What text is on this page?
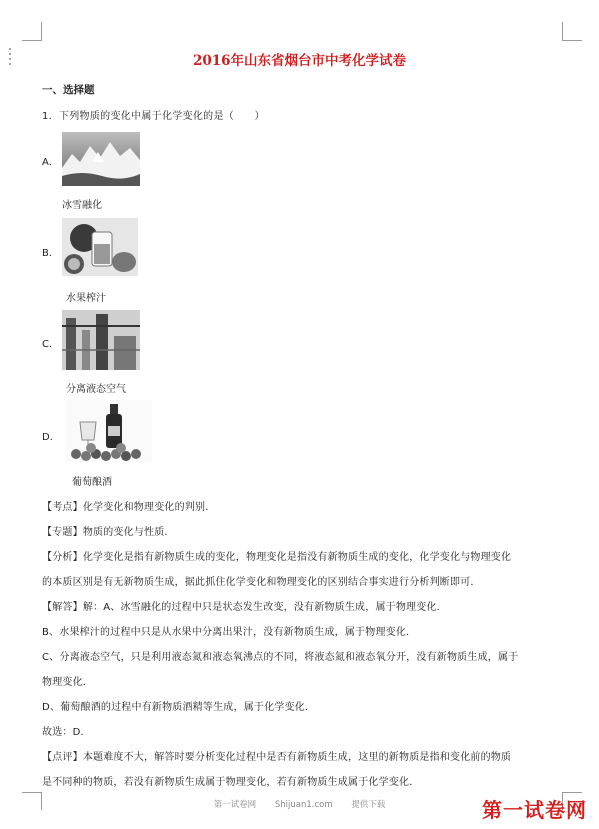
2016年山东省烟台市中考化学试卷
一、选择题
1．下列物质的变化中属于化学变化的是（　　）
A．
冰雪融化
B．
水果榨汁
C．
分离液态空气
D．
葡萄酿酒
【考点】化学变化和物理变化的判别．
【专题】物质的变化与性质．
【分析】化学变化是指有新物质生成的变化，物理变化是指没有新物质生成的变化，化学变化与物理变化
的本质区别是有无新物质生成，据此抓住化学变化和物理变化的区别结合事实进行分析判断即可．
【解答】解：A、冰雪融化的过程中只是状态发生改变，没有新物质生成，属于物理变化．
B、水果榨汁的过程中只是从水果中分离出果汁，没有新物质生成，属于物理变化．
C、分离液态空气，只是利用液态氮和液态氧沸点的不同，将液态氮和液态氧分开，没有新物质生成，属于
物理变化．
D、葡萄酿酒的过程中有新物质酒精等生成，属于化学变化．
故选：D．
【点评】本题难度不大，解答时要分析变化过程中是否有新物质生成，这里的新物质是指和变化前的物质
是不同种的物质，若没有新物质生成属于物理变化，若有新物质生成属于化学变化．
第一试卷网 Shijuan1.com 提供下载	第一试卷网
